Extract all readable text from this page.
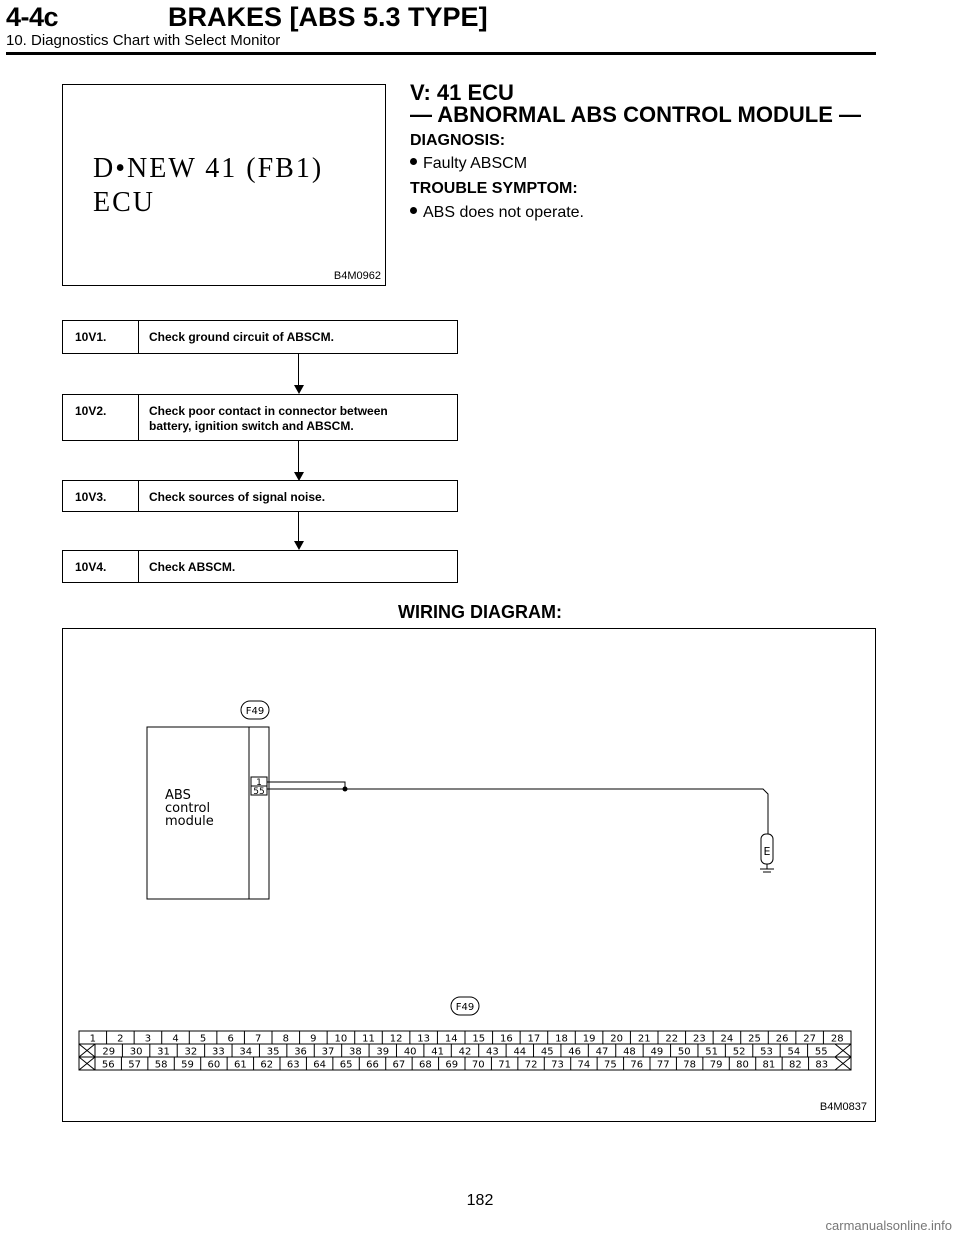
4-4c	BRAKES [ABS 5.3 TYPE]
10. Diagnostics Chart with Select Monitor
D•NEW 41 (FB1)
ECU
B4M0962
V: 41 ECU
— ABNORMAL ABS CONTROL MODULE —
DIAGNOSIS:
Faulty ABSCM
TROUBLE SYMPTOM:
ABS does not operate.
10V1.	Check ground circuit of ABSCM.
10V2.	Check poor contact in connector between
battery, ignition switch and ABSCM.
10V3.	Check sources of signal noise.
10V4.	Check ABSCM.
WIRING DIAGRAM:
F49
ABS
control
module
1
55
E
F49
1 2 3 4 5 6 7 8 9 10 11 12 13 14 15 16 17 18 19 20 21 22 23 24 25 26 27 28
29 30 31 32 33 34 35 36 37 38 39 40 41 42 43 44 45 46 47 48 49 50 51 52 53 54 55
56 57 58 59 60 61 62 63 64 65 66 67 68 69 70 71 72 73 74 75 76 77 78 79 80 81 82 83
B4M0837
182
carmanualsonline.info
